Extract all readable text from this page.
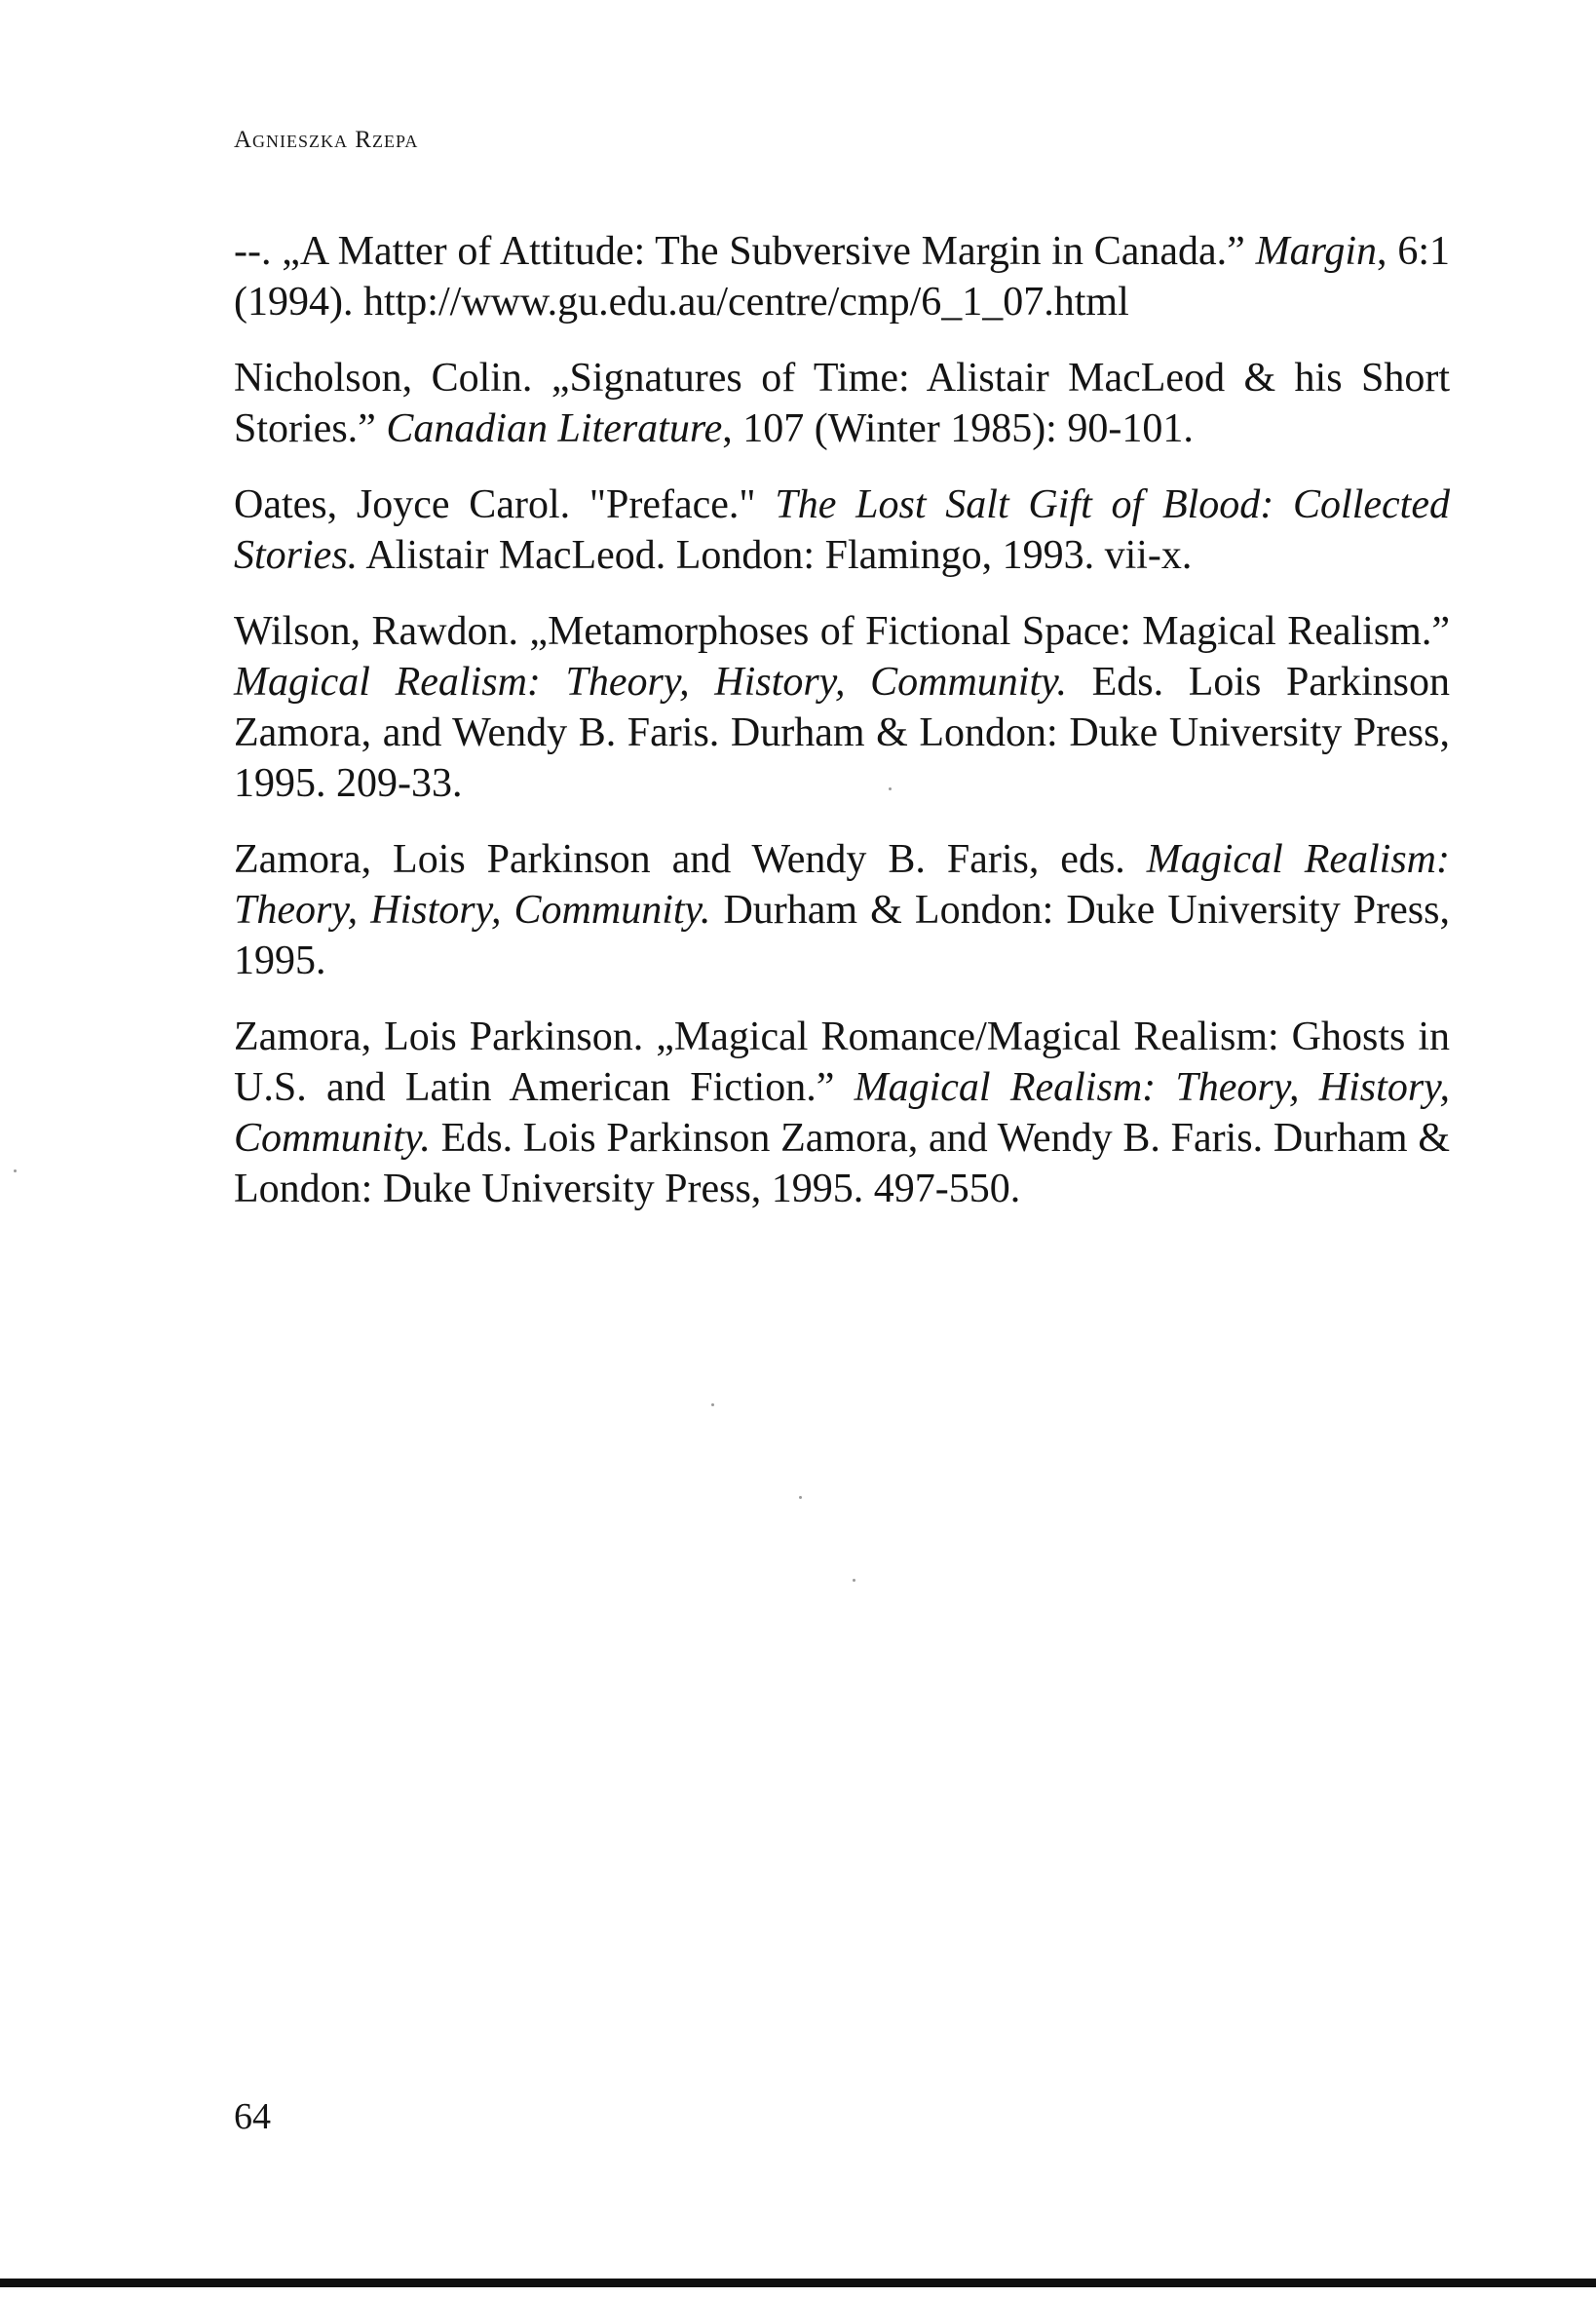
Agnieszka Rzepa

--. „A Matter of Attitude: The Subversive Margin in Canada.” Margin, 6:1 (1994). http://www.gu.edu.au/centre/cmp/6_1_07.html

Nicholson, Colin. „Signatures of Time: Alistair MacLeod & his Short Stories.” Canadian Literature, 107 (Winter 1985): 90-101.

Oates, Joyce Carol. "Preface." The Lost Salt Gift of Blood: Collected Stories. Alistair MacLeod. London: Flamingo, 1993. vii-x.

Wilson, Rawdon. „Metamorphoses of Fictional Space: Magical Realism.” Magical Realism: Theory, History, Community. Eds. Lois Parkinson Zamora, and Wendy B. Faris. Durham & London: Duke University Press, 1995. 209-33.

Zamora, Lois Parkinson and Wendy B. Faris, eds. Magical Realism: Theory, History, Community. Durham & London: Duke University Press, 1995.

Zamora, Lois Parkinson. „Magical Romance/Magical Realism: Ghosts in U.S. and Latin American Fiction.” Magical Realism: Theory, History, Community. Eds. Lois Parkinson Zamora, and Wendy B. Faris. Durham & London: Duke University Press, 1995. 497-550.

64
